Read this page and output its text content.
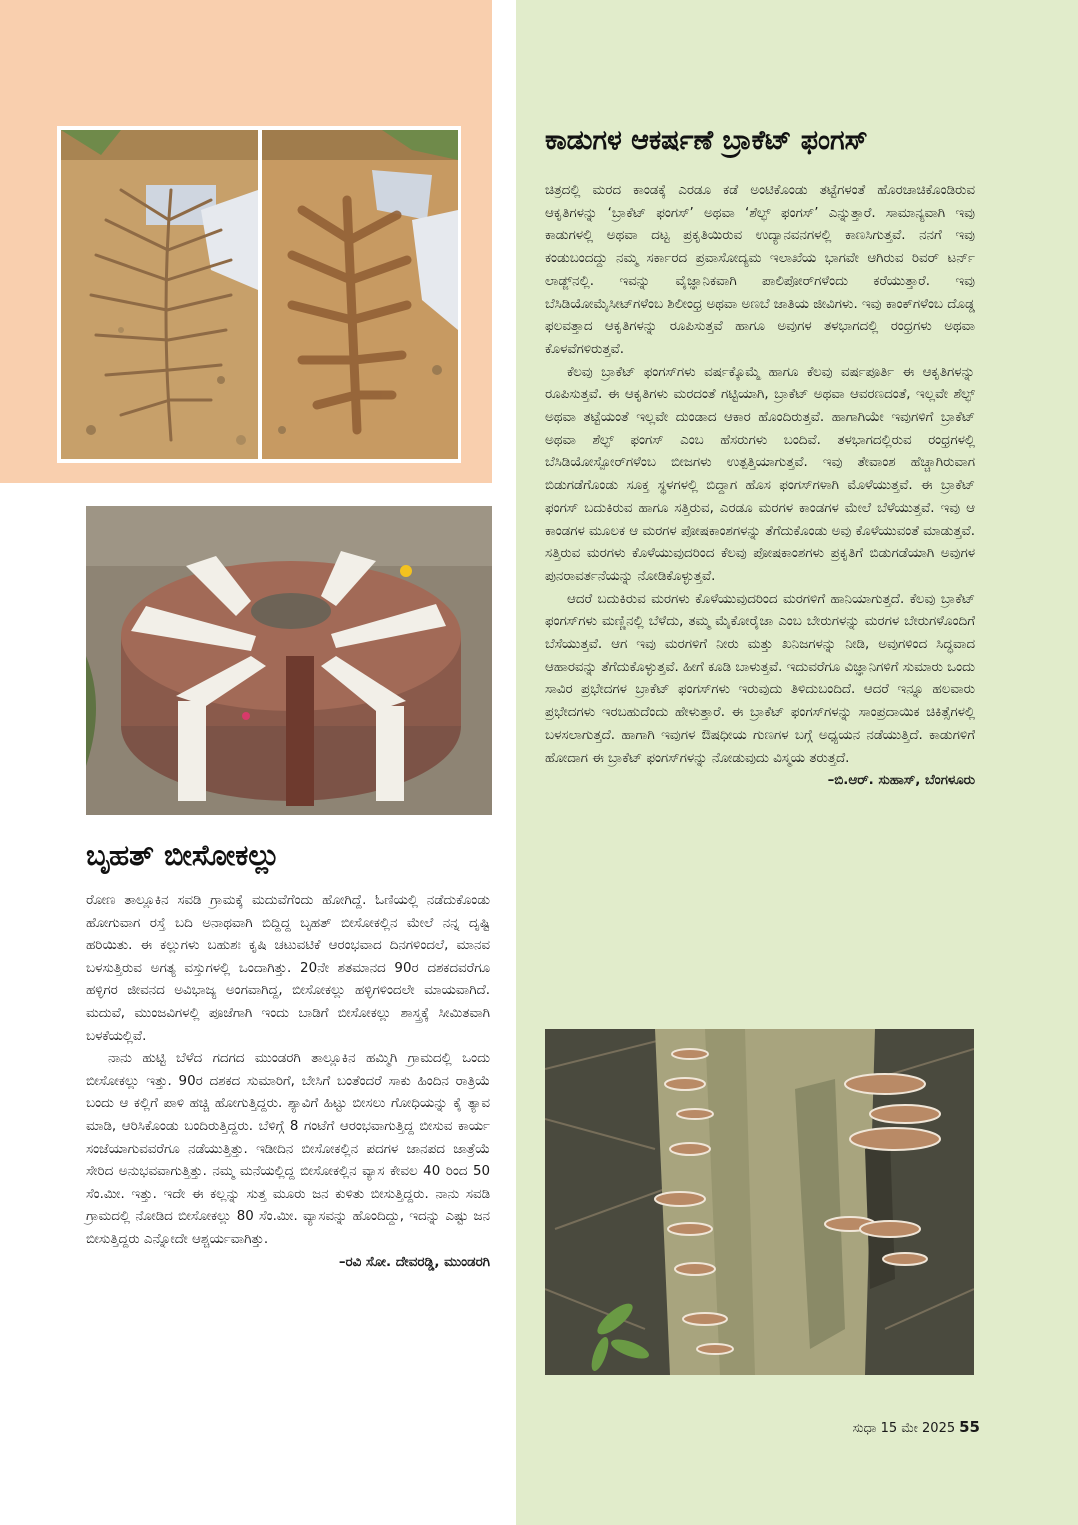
ಬೃಹತ್ ಬೀಸೋಕಲ್ಲು

ರೋಣ ತಾಲ್ಲೂಕಿನ ಸವಡಿ ಗ್ರಾಮಕ್ಕೆ ಮದುವೆಗೆಂದು ಹೋಗಿದ್ದೆ. ಓಣಿಯಲ್ಲಿ ನಡೆದುಕೊಂಡು ಹೋಗುವಾಗ ರಸ್ತೆ ಬದಿ ಅನಾಥವಾಗಿ ಬಿದ್ದಿದ್ದ ಬೃಹತ್ ಬೀಸೋಕಲ್ಲಿನ ಮೇಲೆ ನನ್ನ ದೃಷ್ಟಿ ಹರಿಯಿತು. ಈ ಕಲ್ಲುಗಳು ಬಹುಶಃ ಕೃಷಿ ಚಟುವಟಿಕೆ ಆರಂಭವಾದ ದಿನಗಳಿಂದಲೆ, ಮಾನವ ಬಳಸುತ್ತಿರುವ ಅಗತ್ಯ ವಸ್ತುಗಳಲ್ಲಿ ಒಂದಾಗಿತ್ತು. 20ನೇ ಶತಮಾನದ 90ರ ದಶಕದವರೆಗೂ ಹಳ್ಳಿಗರ ಜೀವನದ ಅವಿಭಾಜ್ಯ ಅಂಗವಾಗಿದ್ದ, ಬೀಸೋಕಲ್ಲು ಹಳ್ಳಿಗಳಿಂದಲೇ ಮಾಯವಾಗಿದೆ. ಮದುವೆ, ಮುಂಜವಿಗಳಲ್ಲಿ ಪೂಜೆಗಾಗಿ ಇಂದು ಬಾಡಿಗೆ ಬೀಸೋಕಲ್ಲು ಶಾಸ್ತ್ರಕ್ಕೆ ಸೀಮಿತವಾಗಿ ಬಳಕೆಯಲ್ಲಿವೆ.

ನಾನು ಹುಟ್ಟಿ ಬೆಳೆದ ಗದಗದ ಮುಂಡರಗಿ ತಾಲ್ಲೂಕಿನ ಹಮ್ಮಿಗಿ ಗ್ರಾಮದಲ್ಲಿ ಒಂದು ಬೀಸೋಕಲ್ಲು ಇತ್ತು. 90ರ ದಶಕದ ಸುಮಾರಿಗೆ, ಬೇಸಿಗೆ ಬಂತೆಂದರೆ ಸಾಕು ಹಿಂದಿನ ರಾತ್ರಿಯೆ ಬಂದು ಆ ಕಲ್ಲಿಗೆ ಪಾಳಿ ಹಚ್ಚಿ ಹೋಗುತ್ತಿದ್ದರು. ಶ್ಯಾವಿಗೆ ಹಿಟ್ಟು ಬೀಸಲು ಗೋಧಿಯನ್ನು ಕೈ ತ್ಯಾವ ಮಾಡಿ, ಆರಿಸಿಕೊಂಡು ಬಂದಿರುತ್ತಿದ್ದರು. ಬೆಳಿಗ್ಗೆ 8 ಗಂಟೆಗೆ ಆರಂಭವಾಗುತ್ತಿದ್ದ ಬೀಸುವ ಕಾರ್ಯ ಸಂಜೆಯಾಗುವವರೆಗೂ ನಡೆಯುತ್ತಿತ್ತು. ಇಡೀದಿನ ಬೀಸೋಕಲ್ಲಿನ ಪದಗಳ ಜಾನಪದ ಜಾತ್ರೆಯೆ ಸೇರಿದ ಅನುಭವವಾಗುತ್ತಿತ್ತು. ನಮ್ಮ ಮನೆಯಲ್ಲಿದ್ದ ಬೀಸೋಕಲ್ಲಿನ ವ್ಯಾಸ ಕೇವಲ 40 ರಿಂದ 50 ಸೆಂ.ಮೀ. ಇತ್ತು. ಇದೇ ಈ ಕಲ್ಲನ್ನು ಸುತ್ತ ಮೂರು ಜನ ಕುಳಿತು ಬೀಸುತ್ತಿದ್ದರು. ನಾನು ಸವಡಿ ಗ್ರಾಮದಲ್ಲಿ ನೋಡಿದ ಬೀಸೋಕಲ್ಲು 80 ಸೆಂ.ಮೀ. ವ್ಯಾಸವನ್ನು ಹೊಂದಿದ್ದು, ಇದನ್ನು ಎಷ್ಟು ಜನ ಬೀಸುತ್ತಿದ್ದರು ಎನ್ನೋದೇ ಆಶ್ಚರ್ಯವಾಗಿತ್ತು.

–ರವಿ ಸೋ. ದೇವರಡ್ಡಿ, ಮುಂಡರಗಿ

ಕಾಡುಗಳ ಆಕರ್ಷಣೆ ಬ್ರಾಕೆಟ್ ಫಂಗಸ್

ಚಿತ್ರದಲ್ಲಿ ಮರದ ಕಾಂಡಕ್ಕೆ ಎರಡೂ ಕಡೆ ಅಂಟಿಕೊಂಡು ತಟ್ಟೆಗಳಂತೆ ಹೊರಚಾಚಿಕೊಂಡಿರುವ ಆಕೃತಿಗಳನ್ನು ‘ಬ್ರಾಕೆಟ್ ಫಂಗಸ್’ ಅಥವಾ ‘ಶೆಲ್ಫ್ ಫಂಗಸ್’ ಎನ್ನುತ್ತಾರೆ. ಸಾಮಾನ್ಯವಾಗಿ ಇವು ಕಾಡುಗಳಲ್ಲಿ ಅಥವಾ ದಟ್ಟ ಪ್ರಕೃತಿಯಿರುವ ಉದ್ಯಾನವನಗಳಲ್ಲಿ ಕಾಣಸಿಗುತ್ತವೆ. ನನಗೆ ಇವು ಕಂಡುಬಂದದ್ದು ನಮ್ಮ ಸರ್ಕಾರದ ಪ್ರವಾಸೋದ್ಯಮ ಇಲಾಖೆಯ ಭಾಗವೇ ಆಗಿರುವ ರಿವರ್ ಟರ್ನ್ ಲಾಡ್ಜ್‌ನಲ್ಲಿ. ಇವನ್ನು ವೈಜ್ಞಾನಿಕವಾಗಿ ಪಾಲಿಪೋರ್‌ಗಳೆಂದು ಕರೆಯುತ್ತಾರೆ. ಇವು ಬೆಸಿಡಿಯೋಮೈಸೀಟ್‌ಗಳೆಂಬ ಶಿಲೀಂಧ್ರ ಅಥವಾ ಅಣಬೆ ಜಾತಿಯ ಜೀವಿಗಳು. ಇವು ಕಾಂಕ್‌ಗಳೆಂಬ ದೊಡ್ಡ ಫಲವತ್ತಾದ ಆಕೃತಿಗಳನ್ನು ರೂಪಿಸುತ್ತವೆ ಹಾಗೂ ಅವುಗಳ ತಳಭಾಗದಲ್ಲಿ ರಂಧ್ರಗಳು ಅಥವಾ ಕೊಳವೆಗಳಿರುತ್ತವೆ.

ಕೆಲವು ಬ್ರಾಕೆಟ್ ಫಂಗಸ್‌ಗಳು ವರ್ಷಕ್ಕೊಮ್ಮೆ ಹಾಗೂ ಕೆಲವು ವರ್ಷಪೂರ್ತಿ ಈ ಆಕೃತಿಗಳನ್ನು ರೂಪಿಸುತ್ತವೆ. ಈ ಆಕೃತಿಗಳು ಮರದಂತೆ ಗಟ್ಟಿಯಾಗಿ, ಬ್ರಾಕೆಟ್ ಅಥವಾ ಆವರಣದಂತೆ, ಇಲ್ಲವೇ ಶೆಲ್ಫ್ ಅಥವಾ ತಟ್ಟೆಯಂತೆ ಇಲ್ಲವೇ ದುಂಡಾದ ಆಕಾರ ಹೊಂದಿರುತ್ತವೆ. ಹಾಗಾಗಿಯೇ ಇವುಗಳಿಗೆ ಬ್ರಾಕೆಟ್ ಅಥವಾ ಶೆಲ್ಫ್ ಫಂಗಸ್ ಎಂಬ ಹೆಸರುಗಳು ಬಂದಿವೆ. ತಳಭಾಗದಲ್ಲಿರುವ ರಂಧ್ರಗಳಲ್ಲಿ ಬೆಸಿಡಿಯೋಸ್ಪೋರ್‌ಗಳೆಂಬ ಬೀಜಗಳು ಉತ್ಪತ್ತಿಯಾಗುತ್ತವೆ. ಇವು ತೇವಾಂಶ ಹೆಚ್ಚಾಗಿರುವಾಗ ಬಿಡುಗಡೆಗೊಂಡು ಸೂಕ್ತ ಸ್ಥಳಗಳಲ್ಲಿ ಬಿದ್ದಾಗ ಹೊಸ ಫಂಗಸ್‌ಗಳಾಗಿ ಮೊಳೆಯುತ್ತವೆ. ಈ ಬ್ರಾಕೆಟ್ ಫಂಗಸ್ ಬದುಕಿರುವ ಹಾಗೂ ಸತ್ತಿರುವ, ಎರಡೂ ಮರಗಳ ಕಾಂಡಗಳ ಮೇಲೆ ಬೆಳೆಯುತ್ತವೆ. ಇವು ಆ ಕಾಂಡಗಳ ಮೂಲಕ ಆ ಮರಗಳ ಪೋಷಕಾಂಶಗಳನ್ನು ತೆಗೆದುಕೊಂಡು ಅವು ಕೊಳೆಯುವಂತೆ ಮಾಡುತ್ತವೆ. ಸತ್ತಿರುವ ಮರಗಳು ಕೊಳೆಯುವುದರಿಂದ ಕೆಲವು ಪೋಷಕಾಂಶಗಳು ಪ್ರಕೃತಿಗೆ ಬಿಡುಗಡೆಯಾಗಿ ಅವುಗಳ ಪುನರಾವರ್ತನೆಯನ್ನು ನೋಡಿಕೊಳ್ಳುತ್ತವೆ.

ಆದರೆ ಬದುಕಿರುವ ಮರಗಳು ಕೊಳೆಯುವುದರಿಂದ ಮರಗಳಿಗೆ ಹಾನಿಯಾಗುತ್ತದೆ. ಕೆಲವು ಬ್ರಾಕೆಟ್ ಫಂಗಸ್‌ಗಳು ಮಣ್ಣಿನಲ್ಲಿ ಬೆಳೆದು, ತಮ್ಮ ಮೈಕೋರೈಜಾ ಎಂಬ ಬೇರುಗಳನ್ನು ಮರಗಳ ಬೇರುಗಳೊಂದಿಗೆ ಬೆಸೆಯುತ್ತವೆ. ಆಗ ಇವು ಮರಗಳಿಗೆ ನೀರು ಮತ್ತು ಖನಿಜಗಳನ್ನು ನೀಡಿ, ಅವುಗಳಿಂದ ಸಿದ್ಧವಾದ ಆಹಾರವನ್ನು ತೆಗೆದುಕೊಳ್ಳುತ್ತವೆ. ಹೀಗೆ ಕೂಡಿ ಬಾಳುತ್ತವೆ. ಇದುವರೆಗೂ ವಿಜ್ಞಾನಿಗಳಿಗೆ ಸುಮಾರು ಒಂದು ಸಾವಿರ ಪ್ರಭೇದಗಳ ಬ್ರಾಕೆಟ್ ಫಂಗಸ್‌ಗಳು ಇರುವುದು ತಿಳಿದುಬಂದಿದೆ. ಆದರೆ ಇನ್ನೂ ಹಲವಾರು ಪ್ರಭೇದಗಳು ಇರಬಹುದೆಂದು ಹೇಳುತ್ತಾರೆ. ಈ ಬ್ರಾಕೆಟ್ ಫಂಗಸ್‌ಗಳನ್ನು ಸಾಂಪ್ರದಾಯಿಕ ಚಿಕಿತ್ಸೆಗಳಲ್ಲಿ ಬಳಸಲಾಗುತ್ತದೆ. ಹಾಗಾಗಿ ಇವುಗಳ ಔಷಧೀಯ ಗುಣಗಳ ಬಗ್ಗೆ ಅಧ್ಯಯನ ನಡೆಯುತ್ತಿದೆ. ಕಾಡುಗಳಿಗೆ ಹೋದಾಗ ಈ ಬ್ರಾಕೆಟ್ ಫಂಗಸ್‌ಗಳನ್ನು ನೋಡುವುದು ವಿಸ್ಮಯ ತರುತ್ತದೆ.

–ಬಿ.ಆರ್. ಸುಹಾಸ್, ಬೆಂಗಳೂರು

ಸುಧಾ 15 ಮೇ 2025 55
